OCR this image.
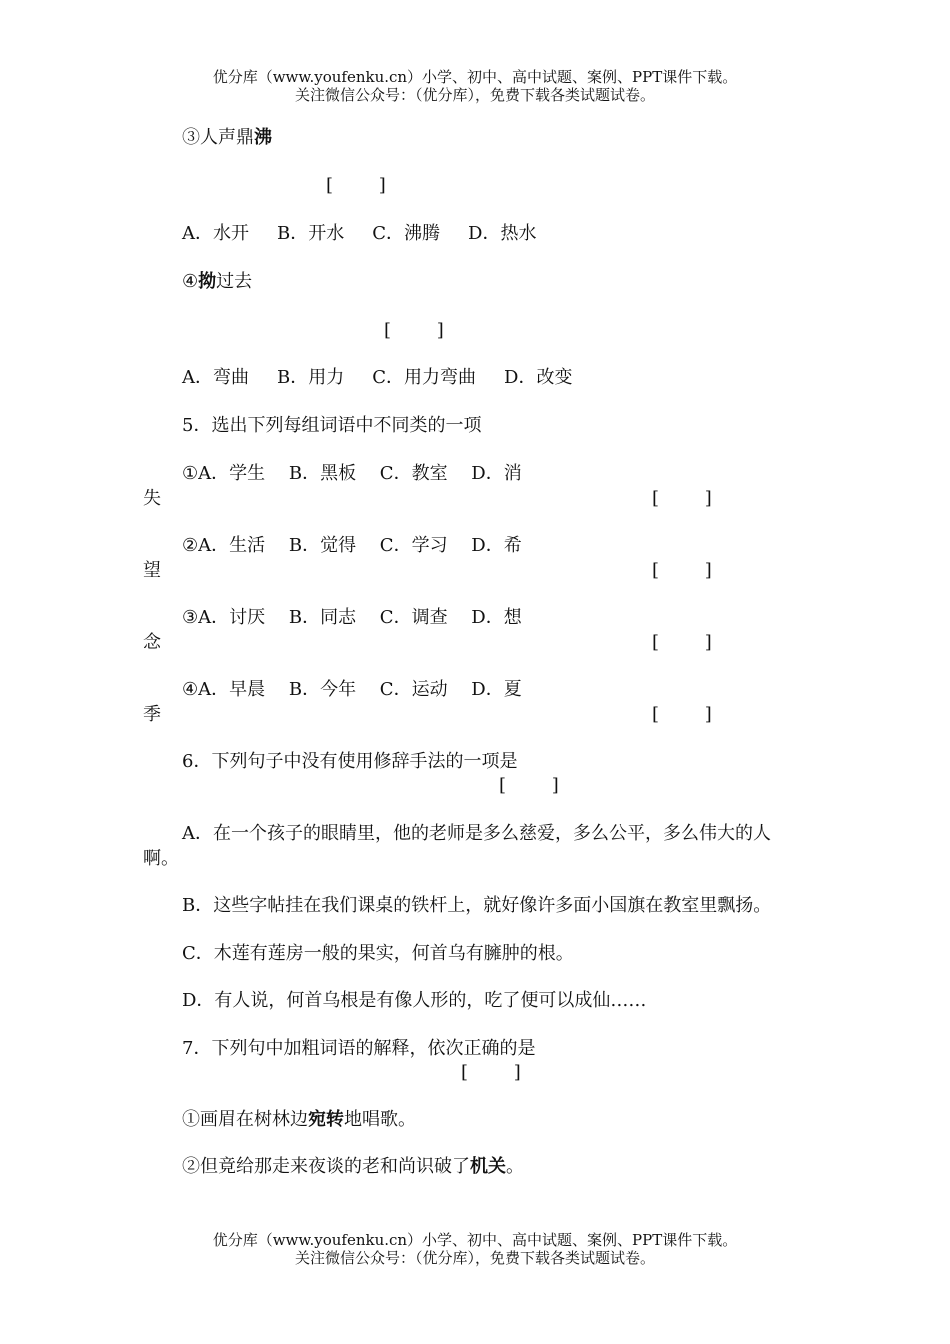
优分库（www.youfenku.cn）小学、初中、高中试题、案例、PPT课件下载。
关注微信公众号：（优分库），免费下载各类试题试卷。
③人声鼎沸
[        ]
A．水开 B．开水 C．沸腾 D．热水
④拗过去
[        ]
A．弯曲 B．用力 C．用力弯曲 D．改变
5．选出下列每组词语中不同类的一项
①A．学生　 B．黑板　 C．教室　 D．消
失	[        ]
②A．生活　 B．觉得　 C．学习　 D．希
望	[        ]
③A．讨厌　 B．同志　 C．调查　 D．想
念	[        ]
④A．早晨　 B．今年　 C．运动　 D．夏
季	[        ]
6．下列句子中没有使用修辞手法的一项是
[        ]
A．在一个孩子的眼睛里，他的老师是多么慈爱，多么公平，多么伟大的人
啊。
B．这些字帖挂在我们课桌的铁杆上，就好像许多面小国旗在教室里飘扬。
C．木莲有莲房一般的果实，何首乌有臃肿的根。
D．有人说，何首乌根是有像人形的，吃了便可以成仙……
7．下列句中加粗词语的解释，依次正确的是
[        ]
①画眉在树林边宛转地唱歌。
②但竟给那走来夜谈的老和尚识破了机关。
优分库（www.youfenku.cn）小学、初中、高中试题、案例、PPT课件下载。
关注微信公众号：（优分库），免费下载各类试题试卷。
